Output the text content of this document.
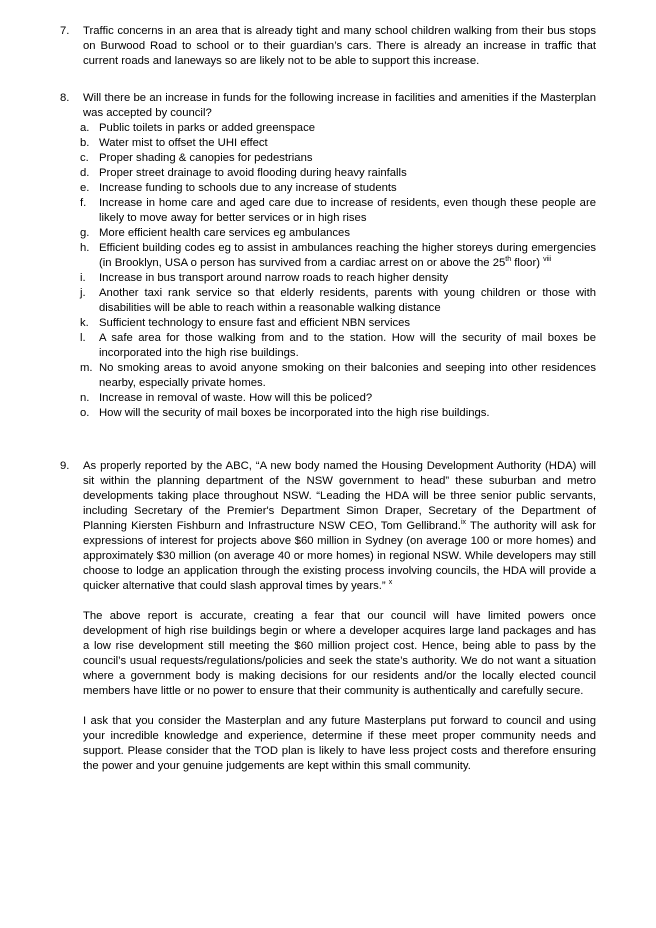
7.	Traffic concerns in an area that is already tight and many school children walking from their bus stops on Burwood Road to school or to their guardian’s cars. There is already an increase in traffic that current roads and laneways so are likely not to be able to support this increase.

8.	Will there be an increase in funds for the following increase in facilities and amenities if the Masterplan was accepted by council?

a. Public toilets in parks or added greenspace
b. Water mist to offset the UHI effect
c. Proper shading & canopies for pedestrians
d. Proper street drainage to avoid flooding during heavy rainfalls
e. Increase funding to schools due to any increase of students
f.	Increase in home care and aged care due to increase of residents, even though these people are likely to move away for better services or in high rises
g. More efficient health care services eg ambulances
h. Efficient building codes eg to assist in ambulances reaching the higher storeys during emergencies (in Brooklyn, USA o person has survived from a cardiac arrest on or above the 25th floor) $^{viii}$
i.	Increase in bus transport around narrow roads to reach higher density
j.	Another taxi rank service so that elderly residents, parents with young children or those with disabilities will be able to reach within a reasonable walking distance
k. Sufficient technology to ensure fast and efficient NBN services
l.	A safe area for those walking from and to the station. How will the security of mail boxes be incorporated into the high rise buildings.
m. No smoking areas to avoid anyone smoking on their balconies and seeping into other residences nearby, especially private homes.
n. Increase in removal of waste. How will this be policed?
o. How will the security of mail boxes be incorporated into the high rise buildings.
9.	As properly reported by the ABC, “A new body named the Housing Development Authority (HDA) will sit within the planning department of the NSW government to head” these suburban and metro developments taking place throughout NSW. “Leading the HDA will be three senior public servants, including Secretary of the Premier's Department Simon Draper, Secretary of the Department of Planning Kiersten Fishburn and Infrastructure NSW CEO, Tom Gellibrand.$^{ix}$ The authority will ask for expressions of interest for projects above $60 million in Sydney (on average 100 or more homes) and approximately $30 million (on average 40 or more homes) in regional NSW. While developers may still choose to lodge an application through the existing process involving councils, the HDA will provide a quicker alternative that could slash approval times by years.” $^x$

The above report is accurate, creating a fear that our council will have limited powers once development of high rise buildings begin or where a developer acquires large land packages and has a low rise development still meeting the $60 million project cost. Hence, being able to pass by the council’s usual requests/regulations/policies and seek the state’s authority. We do not want a situation where a government body is making decisions for our residents and/or the locally elected council members have little or no power to ensure that their community is authentically and carefully secure.

I ask that you consider the Masterplan and any future Masterplans put forward to council and using your incredible knowledge and experience, determine if these meet proper community needs and support. Please consider that the TOD plan is likely to have less project costs and therefore ensuring the power and your genuine judgements are kept within this small community.
